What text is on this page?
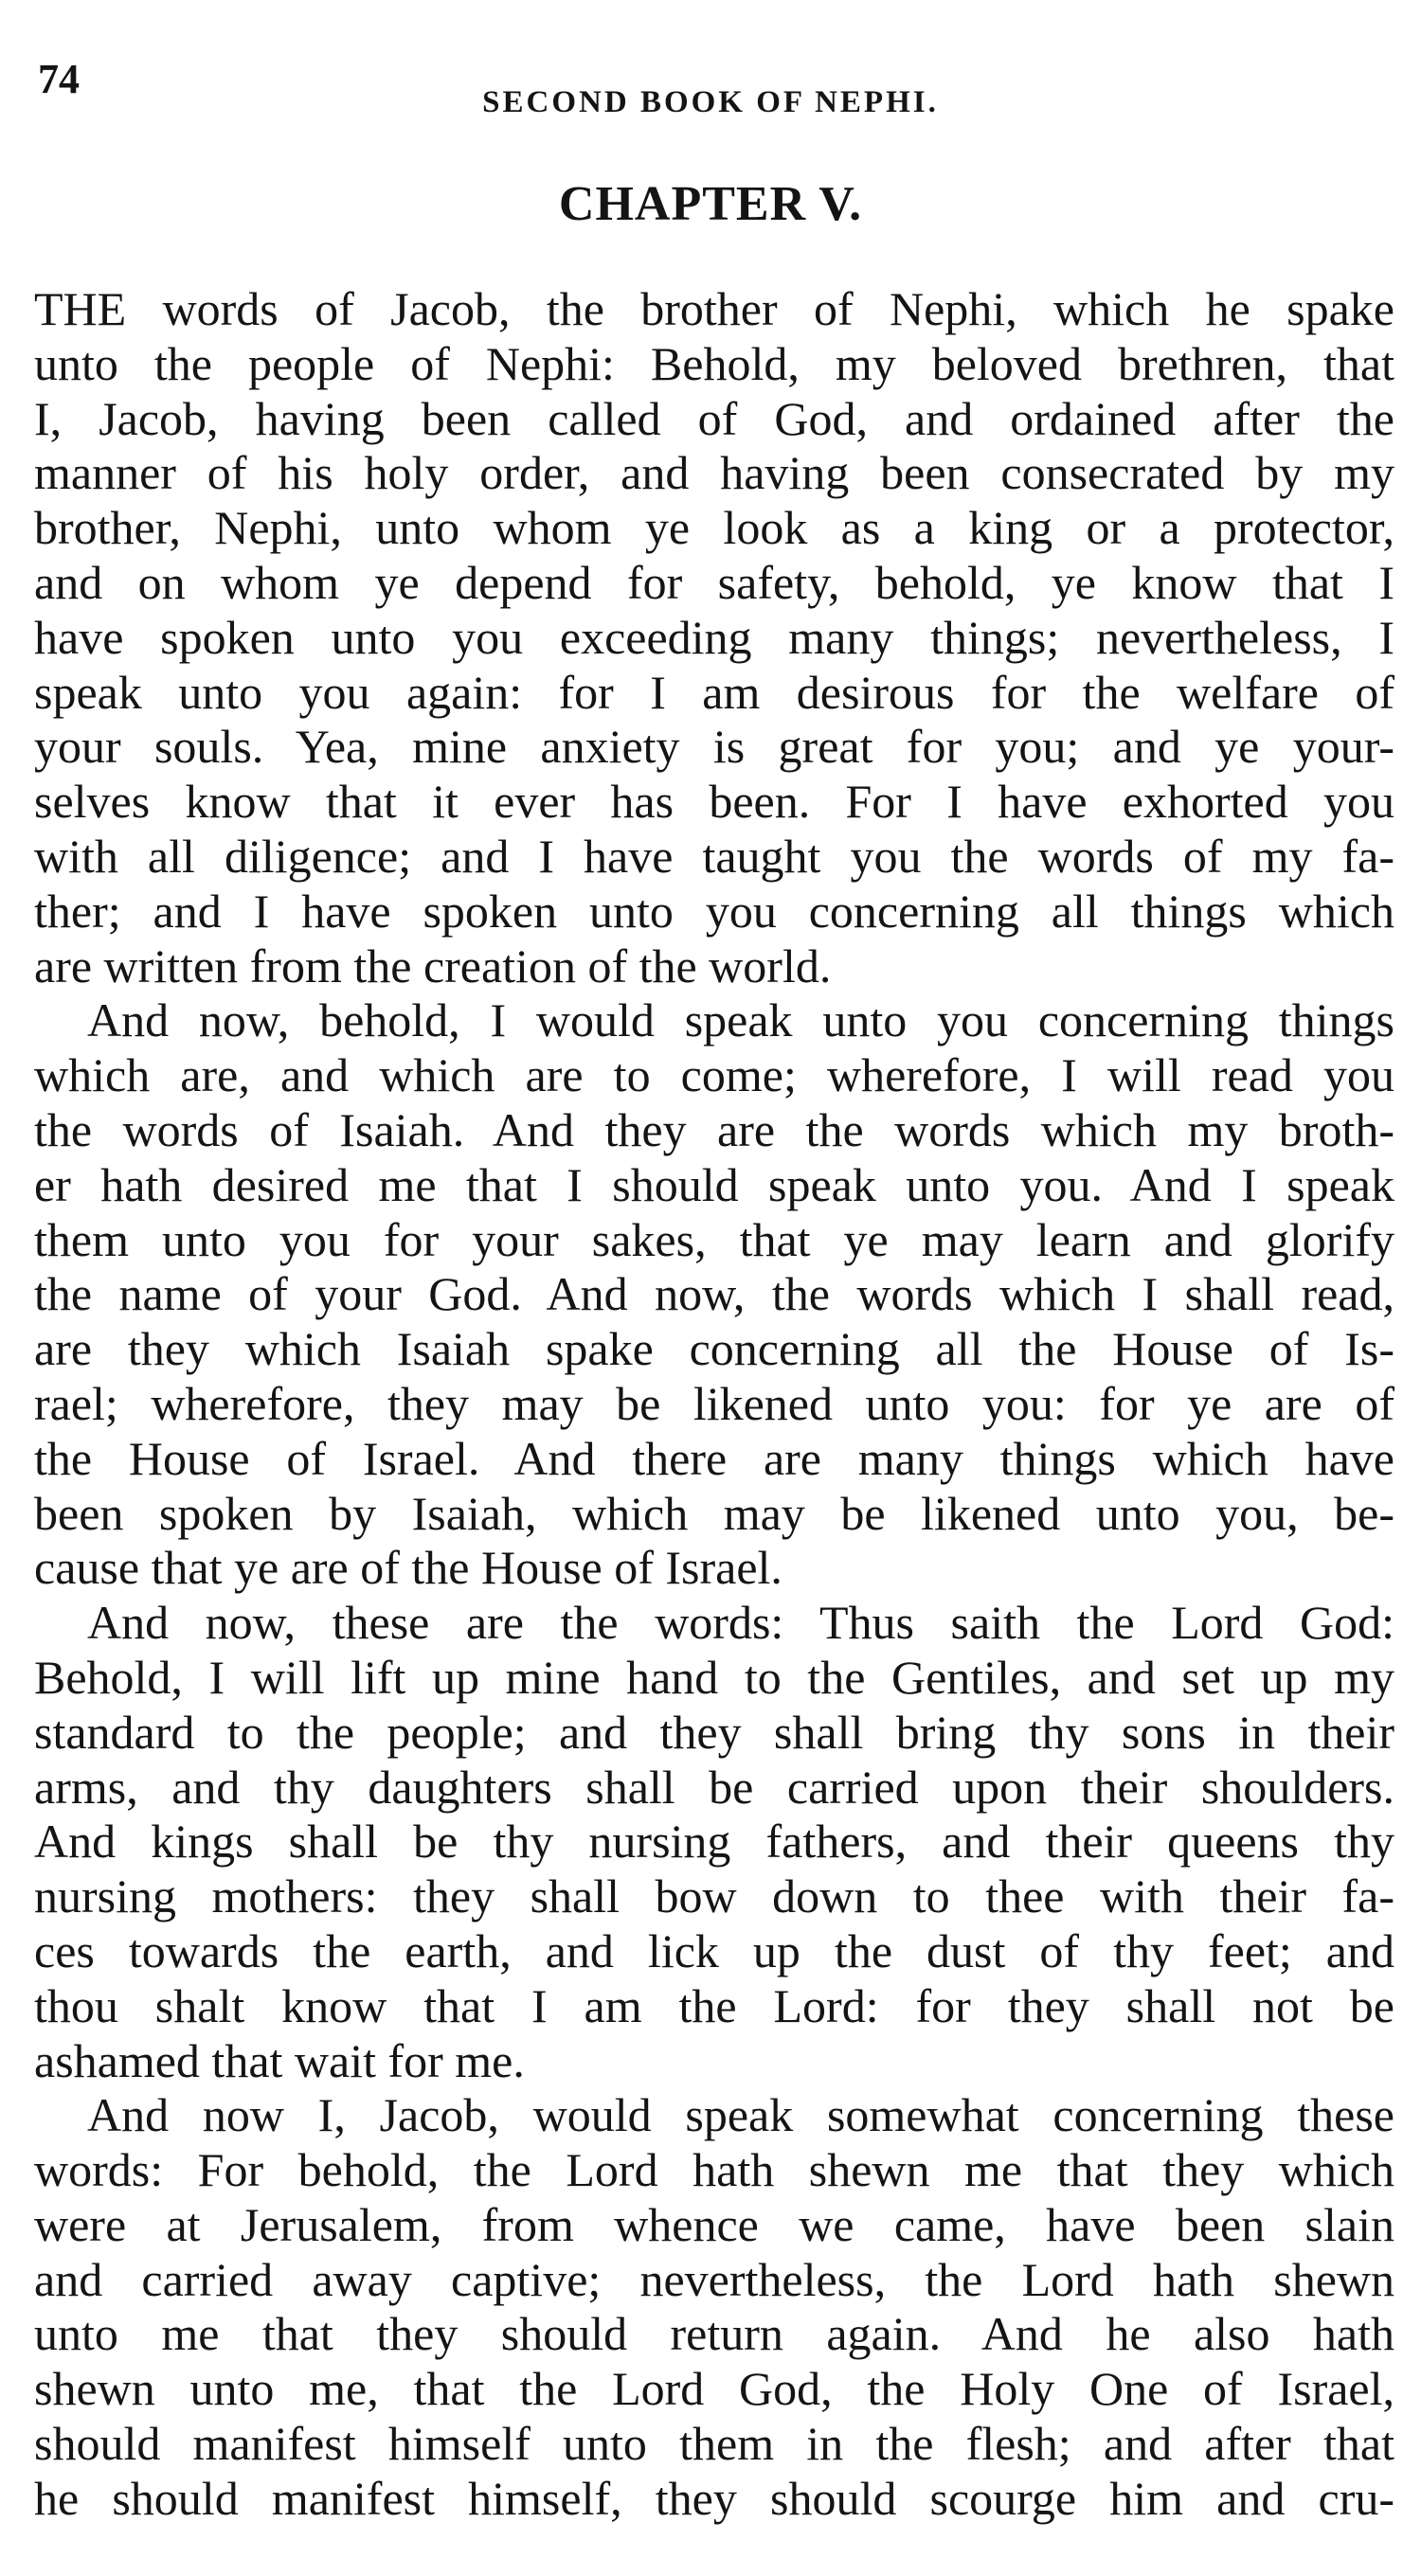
74	SECOND BOOK OF NEPHI.
CHAPTER V.
THE words of Jacob, the brother of Nephi, which he spake
unto the people of Nephi: Behold, my beloved brethren, that
I, Jacob, having been called of God, and ordained after the
manner of his holy order, and having been consecrated by my
brother, Nephi, unto whom ye look as a king or a protector,
and on whom ye depend for safety, behold, ye know that I
have spoken unto you exceeding many things; nevertheless, I
speak unto you again: for I am desirous for the welfare of
your souls. Yea, mine anxiety is great for you; and ye your-
selves know that it ever has been. For I have exhorted you
with all diligence; and I have taught you the words of my fa-
ther; and I have spoken unto you concerning all things which
are written from the creation of the world.
And now, behold, I would speak unto you concerning things
which are, and which are to come; wherefore, I will read you
the words of Isaiah. And they are the words which my broth-
er hath desired me that I should speak unto you. And I speak
them unto you for your sakes, that ye may learn and glorify
the name of your God. And now, the words which I shall read,
are they which Isaiah spake concerning all the House of Is-
rael; wherefore, they may be likened unto you: for ye are of
the House of Israel. And there are many things which have
been spoken by Isaiah, which may be likened unto you, be-
cause that ye are of the House of Israel.
And now, these are the words: Thus saith the Lord God:
Behold, I will lift up mine hand to the Gentiles, and set up my
standard to the people; and they shall bring thy sons in their
arms, and thy daughters shall be carried upon their shoulders.
And kings shall be thy nursing fathers, and their queens thy
nursing mothers: they shall bow down to thee with their fa-
ces towards the earth, and lick up the dust of thy feet; and
thou shalt know that I am the Lord: for they shall not be
ashamed that wait for me.
And now I, Jacob, would speak somewhat concerning these
words: For behold, the Lord hath shewn me that they which
were at Jerusalem, from whence we came, have been slain
and carried away captive; nevertheless, the Lord hath shewn
unto me that they should return again. And he also hath
shewn unto me, that the Lord God, the Holy One of Israel,
should manifest himself unto them in the flesh; and after that
he should manifest himself, they should scourge him and cru-
